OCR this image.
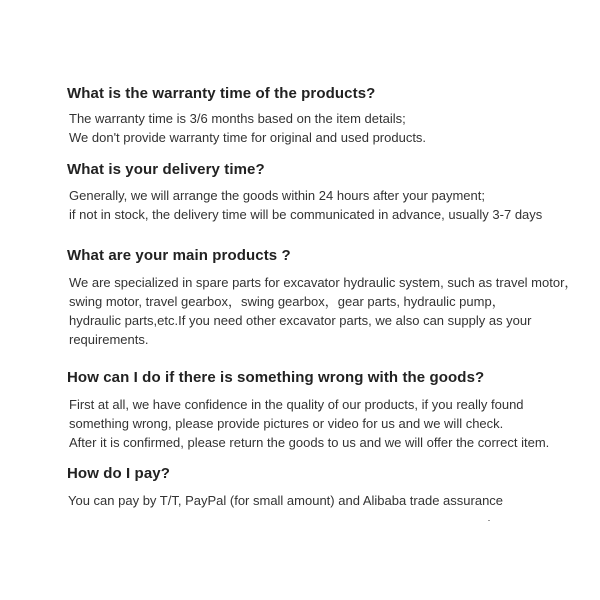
What is the warranty time of the products?
The warranty time is 3/6 months based on the item details;
We don't provide warranty time for original and used products.
What is your delivery time?
Generally, we will arrange the goods within 24 hours after your payment;
if not in stock, the delivery time will be communicated in advance, usually 3-7 days
What are your main products ?
We are specialized in spare parts for excavator hydraulic system, such as travel motor，
swing motor, travel gearbox，swing gearbox，gear parts, hydraulic pump，
hydraulic parts,etc.If you need other excavator parts, we also can supply as your
requirements.
How can I do if there is something wrong with the goods?
First at all, we have confidence in the quality of our products, if you really found
something wrong, please provide pictures or video for us and we will check.
After it is confirmed, please return the goods to us and we will offer the correct item.
How do I pay?
You can pay by T/T, PayPal (for small amount) and Alibaba trade assurance
